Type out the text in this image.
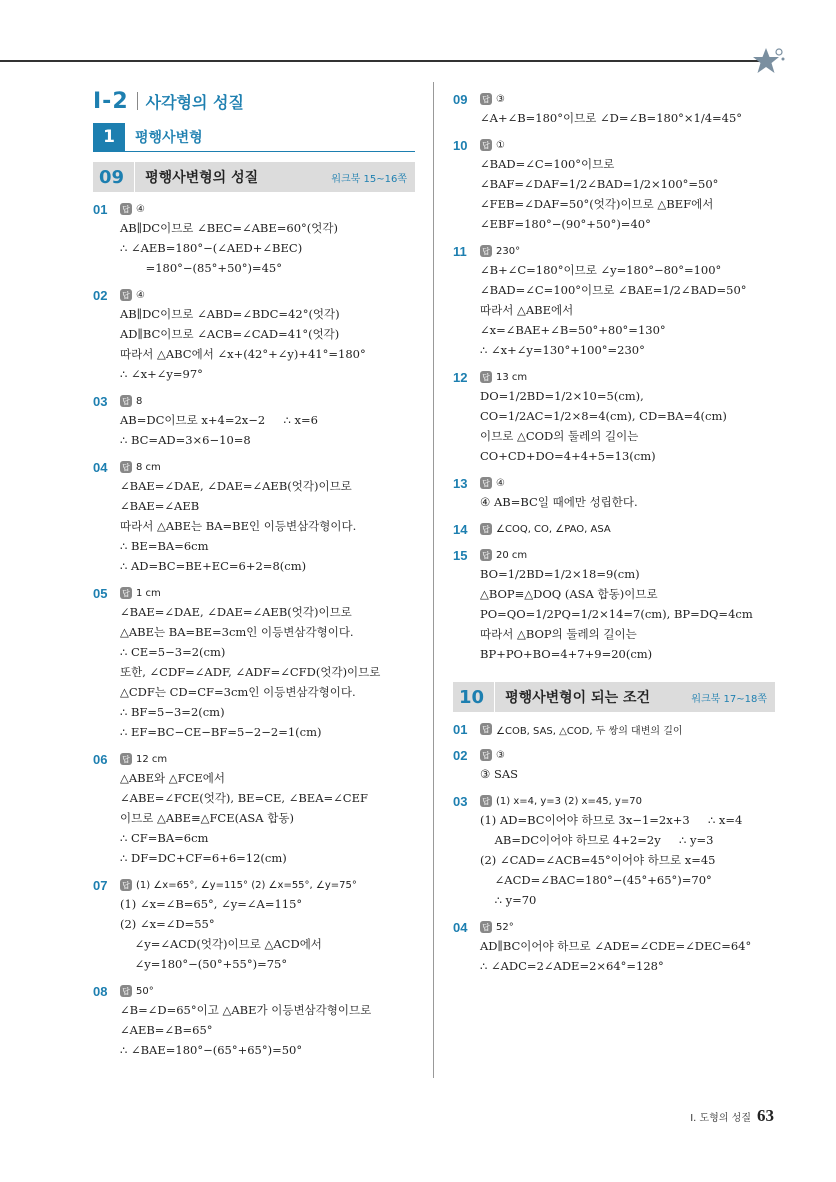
I-2 사각형의 성질
1	평행사변형
09	평행사변형의 성질	워크북 15~16쪽
01	답 ④
AB∥DC이므로 ∠BEC=∠ABE=60°(엇각)
∴ ∠AEB=180°−(∠AED+∠BEC)
=180°−(85°+50°)=45°
02	답 ④
AB∥DC이므로 ∠ABD=∠BDC=42°(엇각)
AD∥BC이므로 ∠ACB=∠CAD=41°(엇각)
따라서 △ABC에서 ∠x+(42°+∠y)+41°=180°
∴ ∠x+∠y=97°
03	답 8
AB=DC이므로 x+4=2x−2     ∴ x=6
∴ BC=AD=3×6−10=8
04	답 8 cm
∠BAE=∠DAE, ∠DAE=∠AEB(엇각)이므로
∠BAE=∠AEB
따라서 △ABE는 BA=BE인 이등변삼각형이다.
∴ BE=BA=6cm
∴ AD=BC=BE+EC=6+2=8(cm)
05	답 1 cm
∠BAE=∠DAE, ∠DAE=∠AEB(엇각)이므로
△ABE는 BA=BE=3cm인 이등변삼각형이다.
∴ CE=5−3=2(cm)
또한, ∠CDF=∠ADF, ∠ADF=∠CFD(엇각)이므로
△CDF는 CD=CF=3cm인 이등변삼각형이다.
∴ BF=5−3=2(cm)
∴ EF=BC−CE−BF=5−2−2=1(cm)
06	답 12 cm
△ABE와 △FCE에서
∠ABE=∠FCE(엇각), BE=CE, ∠BEA=∠CEF
이므로 △ABE≡△FCE(ASA 합동)
∴ CF=BA=6cm
∴ DF=DC+CF=6+6=12(cm)
07	답 (1) ∠x=65°, ∠y=115° (2) ∠x=55°, ∠y=75°
(1) ∠x=∠B=65°, ∠y=∠A=115°
(2) ∠x=∠D=55°
∠y=∠ACD(엇각)이므로 △ACD에서
∠y=180°−(50°+55°)=75°
08	답 50°
∠B=∠D=65°이고 △ABE가 이등변삼각형이므로
∠AEB=∠B=65°
∴ ∠BAE=180°−(65°+65°)=50°
09	답 ③
∠A+∠B=180°이므로 ∠D=∠B=180°×1/4=45°
10	답 ①
∠BAD=∠C=100°이므로
∠BAF=∠DAF=1/2∠BAD=1/2×100°=50°
∠FEB=∠DAF=50°(엇각)이므로 △BEF에서
∠EBF=180°−(90°+50°)=40°
11	답 230°
∠B+∠C=180°이므로 ∠y=180°−80°=100°
∠BAD=∠C=100°이므로 ∠BAE=1/2∠BAD=50°
따라서 △ABE에서
∠x=∠BAE+∠B=50°+80°=130°
∴ ∠x+∠y=130°+100°=230°
12	답 13 cm
DO=1/2BD=1/2×10=5(cm),
CO=1/2AC=1/2×8=4(cm), CD=BA=4(cm)
이므로 △COD의 둘레의 길이는
CO+CD+DO=4+4+5=13(cm)
13	답 ④
④ AB=BC일 때에만 성립한다.
14	답 ∠COQ, CO, ∠PAO, ASA
15	답 20 cm
BO=1/2BD=1/2×18=9(cm)
△BOP≡△DOQ (ASA 합동)이므로
PO=QO=1/2PQ=1/2×14=7(cm), BP=DQ=4cm
따라서 △BOP의 둘레의 길이는
BP+PO+BO=4+7+9=20(cm)
10	평행사변형이 되는 조건	워크북 17~18쪽
01	답 ∠COB, SAS, △COD, 두 쌍의 대변의 길이
02	답 ③
③ SAS
03	답 (1) x=4, y=3 (2) x=45, y=70
(1) AD=BC이어야 하므로 3x−1=2x+3     ∴ x=4
AB=DC이어야 하므로 4+2=2y     ∴ y=3
(2) ∠CAD=∠ACB=45°이어야 하므로 x=45
∠ACD=∠BAC=180°−(45°+65°)=70°
∴ y=70
04	답 52°
AD∥BC이어야 하므로 ∠ADE=∠CDE=∠DEC=64°
∴ ∠ADC=2∠ADE=2×64°=128°
I. 도형의 성질 63
